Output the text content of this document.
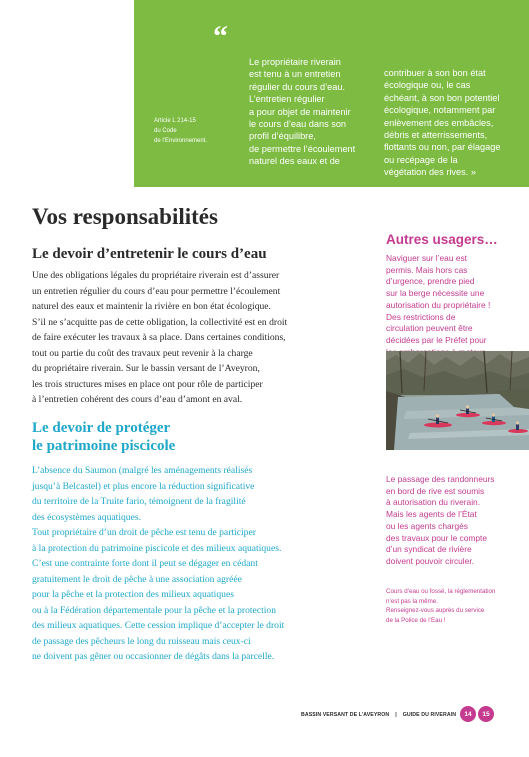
“
Article L 214-15
du Code
de l’Environnement.
Le propriétaire riverain
est tenu à un entretien
régulier du cours d’eau.
L’entretien régulier
a pour objet de maintenir
le cours d’eau dans son
profil d’équilibre,
de permettre l’écoulement
naturel des eaux et de
contribuer à son bon état
écologique ou, le cas
échéant, à son bon potentiel
écologique, notamment par
enlèvement des embâcles,
débris et atterrissements,
flottants ou non, par élagage
ou recépage de la
végétation des rives. »
Vos responsabilités
Le devoir d’entretenir le cours d’eau
Une des obligations légales du propriétaire riverain est d’assurer
un entretien régulier du cours d’eau pour permettre l’écoulement
naturel des eaux et maintenir la rivière en bon état écologique.
S’il ne s’acquitte pas de cette obligation, la collectivité est en droit
de faire exécuter les travaux à sa place. Dans certaines conditions,
tout ou partie du coût des travaux peut revenir à la charge
du propriétaire riverain. Sur le bassin versant de l’Aveyron,
les trois structures mises en place ont pour rôle de participer
à l’entretien cohérent des cours d’eau d’amont en aval.
Le devoir de protéger
le patrimoine piscicole
L’absence du Saumon (malgré les aménagements réalisés
jusqu’à Belcastel) et plus encore la réduction significative
du territoire de la Truite fario, témoignent de la fragilité
des écosystèmes aquatiques.
Tout propriétaire d’un droit de pêche est tenu de participer
à la protection du patrimoine piscicole et des milieux aquatiques.
C’est une contrainte forte dont il peut se dégager en cédant
gratuitement le droit de pêche à une association agréée
pour la pêche et la protection des milieux aquatiques
ou à la Fédération départementale pour la pêche et la protection
des milieux aquatiques. Cette cession implique d’accepter le droit
de passage des pêcheurs le long du ruisseau mais ceux-ci
ne doivent pas gêner ou occasionner de dégâts dans la parcelle.
Autres usagers…
Naviguer sur l’eau est
permis. Mais hors cas
d’urgence, prendre pied
sur la berge nécessite une
autorisation du propriétaire !
Des restrictions de
circulation peuvent être
décidées par le Préfet pour
Le passage des randonneurs
en bord de rive est soumis
à autorisation du riverain.
Mais les agents de l’État
ou les agents chargés
des travaux pour le compte
d’un syndicat de rivière
doivent pouvoir circuler.
Cours d’eau ou fossé, la réglementation
n’est pas la même.
Renseignez-vous auprès du service
de la Police de l’Eau !
BASSIN VERSANT DE L’AVEYRON | GUIDE DU RIVERAIN	14	15
